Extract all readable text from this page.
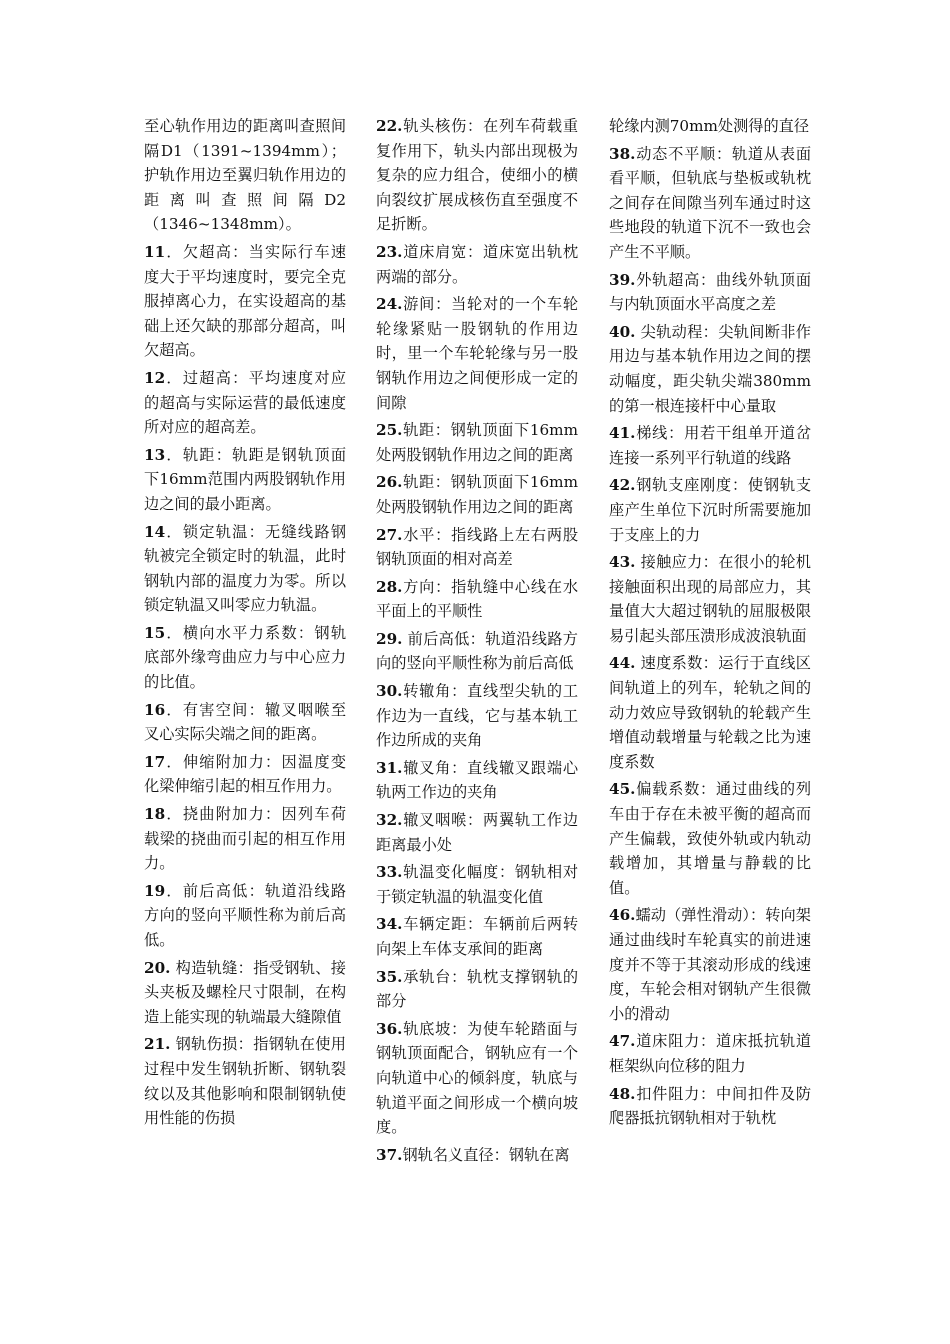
至心轨作用边的距离叫查照间隔D1（1391~1394mm）；护轨作用边至翼归轨作用边的距离叫查照间隔D2（1346~1348mm）。

11．欠超高：当实际行车速度大于平均速度时，要完全克服掉离心力，在实设超高的基础上还欠缺的那部分超高，叫欠超高。

12．过超高：平均速度对应的超高与实际运营的最低速度所对应的超高差。

13．轨距：轨距是钢轨顶面下16mm范围内两股钢轨作用边之间的最小距离。

14．锁定轨温：无缝线路钢轨被完全锁定时的轨温，此时钢轨内部的温度力为零。所以锁定轨温又叫零应力轨温。

15．横向水平力系数：钢轨底部外缘弯曲应力与中心应力的比值。

16．有害空间：辙叉咽喉至叉心实际尖端之间的距离。

17．伸缩附加力：因温度变化梁伸缩引起的相互作用力。

18．挠曲附加力：因列车荷载梁的挠曲而引起的相互作用力。

19．前后高低：轨道沿线路方向的竖向平顺性称为前后高低。

20. 构造轨缝：指受钢轨、接头夹板及螺栓尺寸限制，在构造上能实现的轨端最大缝隙值

21. 钢轨伤损：指钢轨在使用过程中发生钢轨折断、钢轨裂纹以及其他影响和限制钢轨使用性能的伤损

22.轨头核伤：在列车荷载重复作用下，轨头内部出现极为复杂的应力组合，使细小的横向裂纹扩展成核伤直至强度不足折断。

23.道床肩宽：道床宽出轨枕两端的部分。

24.游间：当轮对的一个车轮轮缘紧贴一股钢轨的作用边时，里一个车轮轮缘与另一股钢轨作用边之间便形成一定的间隙

25.轨距：钢轨顶面下16mm处两股钢轨作用边之间的距离

26.轨距：钢轨顶面下16mm处两股钢轨作用边之间的距离

27.水平：指线路上左右两股钢轨顶面的相对高差

28.方向：指轨缝中心线在水平面上的平顺性

29. 前后高低：轨道沿线路方向的竖向平顺性称为前后高低

30.转辙角：直线型尖轨的工作边为一直线，它与基本轨工作边所成的夹角

31.辙叉角：直线辙叉跟端心轨两工作边的夹角

32.辙叉咽喉：两翼轨工作边距离最小处

33.轨温变化幅度：钢轨相对于锁定轨温的轨温变化值

34.车辆定距：车辆前后两转向架上车体支承间的距离

35.承轨台：轨枕支撑钢轨的部分

36.轨底坡：为使车轮踏面与钢轨顶面配合，钢轨应有一个向轨道中心的倾斜度，轨底与轨道平面之间形成一个横向坡度。

37.钢轨名义直径：钢轨在离

轮缘内测70mm处测得的直径

38.动态不平顺：轨道从表面看平顺，但轨底与垫板或轨枕之间存在间隙当列车通过时这些地段的轨道下沉不一致也会产生不平顺。

39.外轨超高：曲线外轨顶面与内轨顶面水平高度之差

40. 尖轨动程：尖轨间断非作用边与基本轨作用边之间的摆动幅度，距尖轨尖端380mm 的第一根连接杆中心量取

41.梯线：用若干组单开道岔连接一系列平行轨道的线路

42.钢轨支座刚度：使钢轨支座产生单位下沉时所需要施加于支座上的力

43. 接触应力：在很小的轮机接触面积出现的局部应力，其量值大大超过钢轨的屈服极限易引起头部压溃形成波浪轨面

44. 速度系数：运行于直线区间轨道上的列车，轮轨之间的动力效应导致钢轨的轮载产生增值动载增量与轮载之比为速度系数

45.偏载系数：通过曲线的列车由于存在未被平衡的超高而产生偏载，致使外轨或内轨动载增加，其增量与静载的比值。

46.蠕动（弹性滑动）：转向架通过曲线时车轮真实的前进速度并不等于其滚动形成的线速度，车轮会相对钢轨产生很微小的滑动

47.道床阻力：道床抵抗轨道框架纵向位移的阻力

48.扣件阻力：中间扣件及防爬器抵抗钢轨相对于轨枕
